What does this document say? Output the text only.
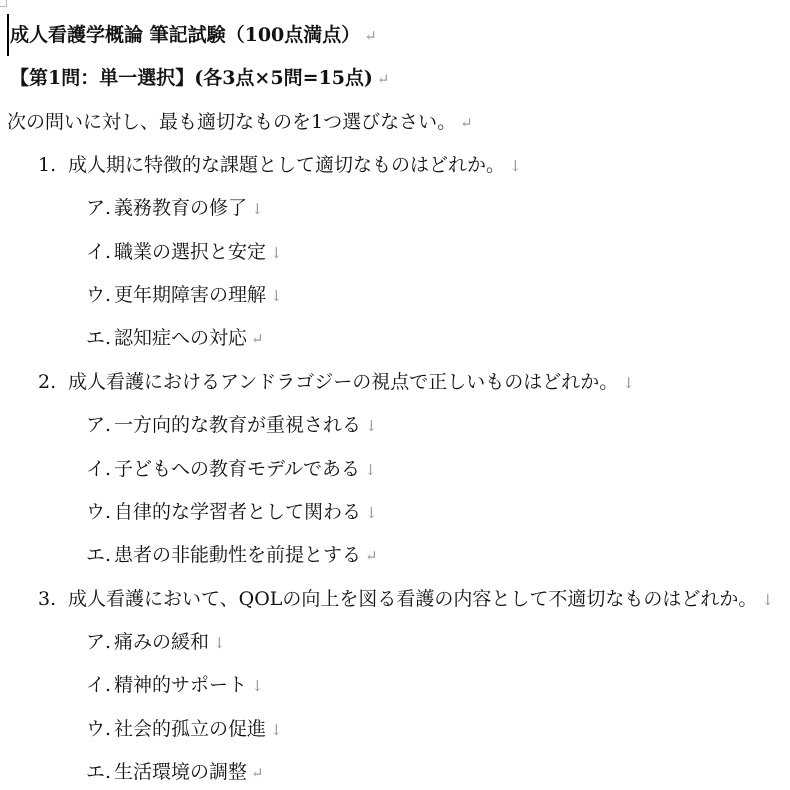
成人看護学概論 筆記試験（100点満点） ↵
【第1問：単一選択】(各3点×5問=15点) ↵
次の問いに対し、最も適切なものを1つ選びなさい。 ↵
1. 成人期に特徴的な課題として適切なものはどれか。 ↓
ア. 義務教育の修了 ↓
イ. 職業の選択と安定 ↓
ウ. 更年期障害の理解 ↓
エ. 認知症への対応 ↵
2. 成人看護におけるアンドラゴジーの視点で正しいものはどれか。 ↓
ア. 一方向的な教育が重視される ↓
イ. 子どもへの教育モデルである ↓
ウ. 自律的な学習者として関わる ↓
エ. 患者の非能動性を前提とする ↵
3. 成人看護において、QOLの向上を図る看護の内容として不適切なものはどれか。 ↓
ア. 痛みの緩和 ↓
イ. 精神的サポート ↓
ウ. 社会的孤立の促進 ↓
エ. 生活環境の調整 ↵
